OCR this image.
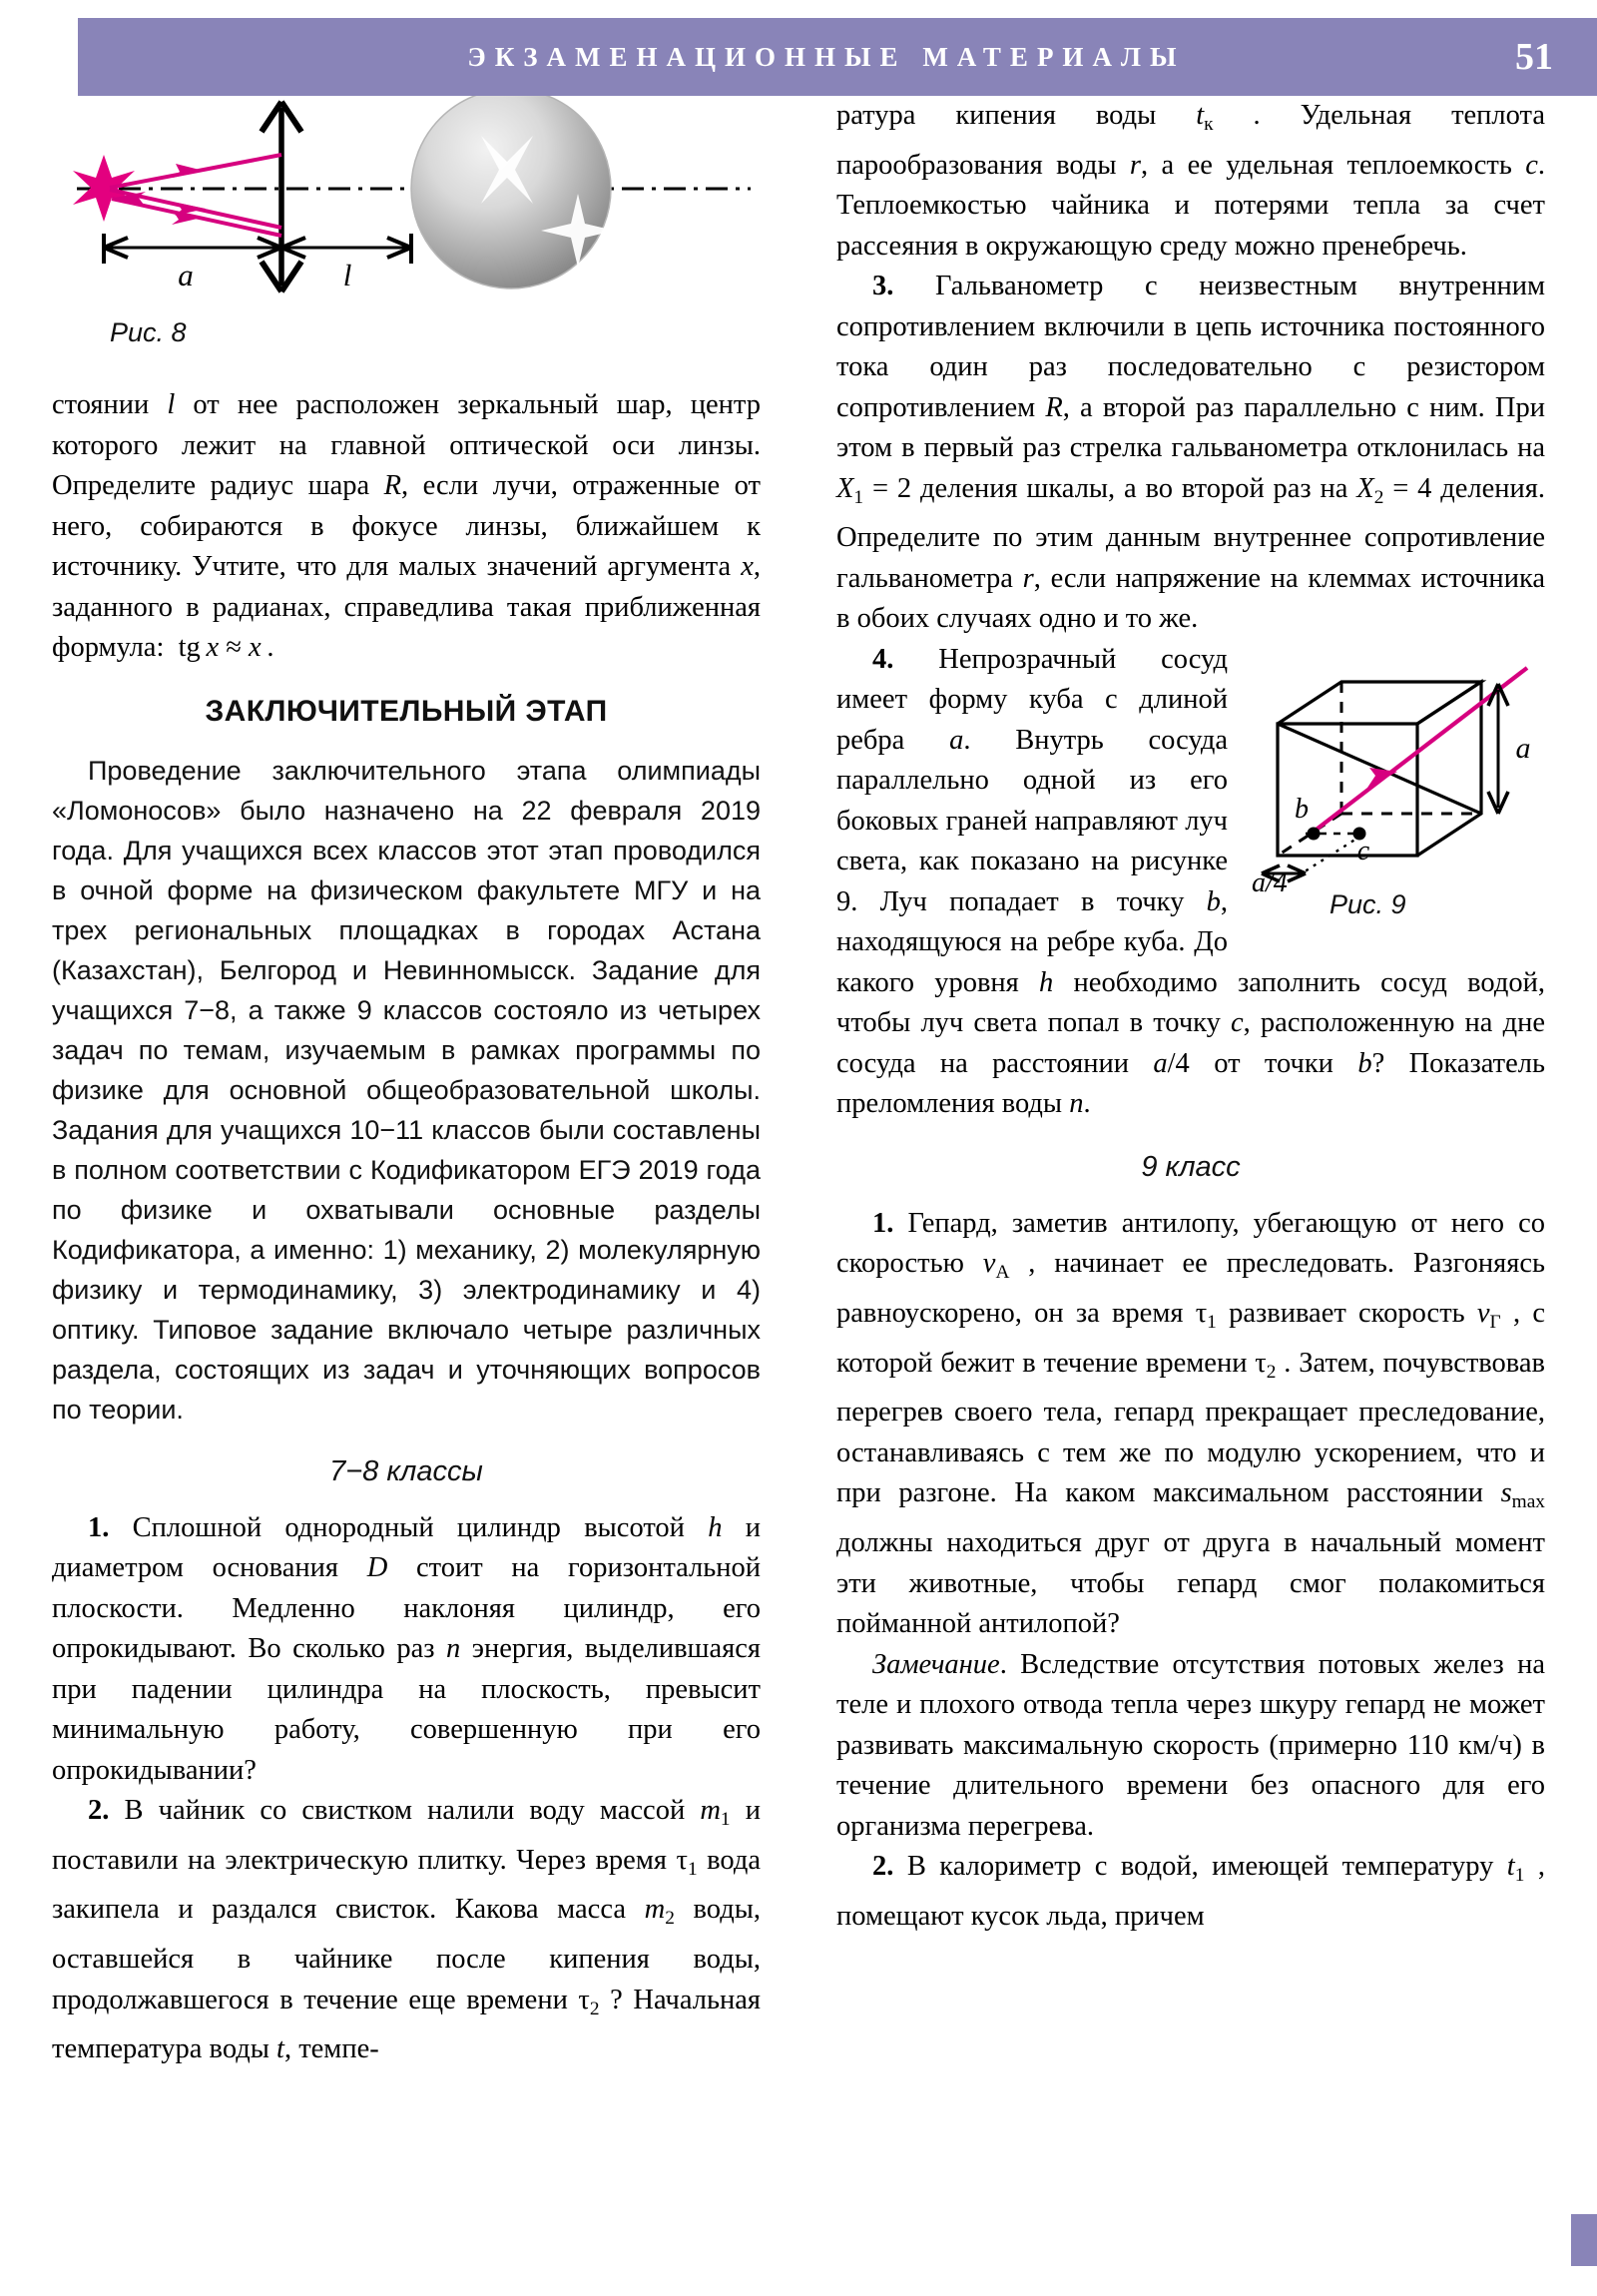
ЭКЗАМЕНАЦИОННЫЕ МАТЕРИАЛЫ	51
a	l
Рис. 8

стоянии l от нее расположен зеркальный шар, центр которого лежит на главной оптической оси линзы. Определите радиус шара R, если лучи, отраженные от него, собираются в фокусе линзы, ближайшем к источнику. Учтите, что для малых значений аргумента x, заданного в радианах, справедлива такая приближенная формула:  tg x ≈ x .

ЗАКЛЮЧИТЕЛЬНЫЙ ЭТАП

Проведение заключительного этапа олимпиады «Ломоносов» было назначено на 22 февраля 2019 года. Для учащихся всех классов этот этап проводился в очной форме на физическом факультете МГУ и на трех региональных площадках в городах Астана (Казахстан), Белгород и Невинномысск. Задание для учащихся 7−8, а также 9 классов состояло из четырех задач по темам, изучаемым в рамках программы по физике для основной общеобразовательной школы. Задания для учащихся 10−11 классов были составлены в полном соответствии с Кодификатором ЕГЭ 2019 года по физике и охватывали основные разделы Кодификатора, а именно: 1) механику, 2) молекулярную физику и термодинамику, 3) электродинамику и 4) оптику. Типовое задание включало четыре различных раздела, состоящих из задач и уточняющих вопросов по теории.

7−8 классы

1. Сплошной однородный цилиндр высотой h и диаметром основания D стоит на горизонтальной плоскости. Медленно наклоняя цилиндр, его опрокидывают. Во сколько раз n энергия, выделившаяся при падении цилиндра на плоскость, превысит минимальную работу, совершенную при его опрокидывании?

2. В чайник со свистком налили воду массой $m_1$ и поставили на электрическую плитку. Через время $\tau_1$ вода закипела и раздался свисток. Какова масса $m_2$ воды, оставшейся в чайнике после кипения воды, продолжавшегося в течение еще времени $\tau_2$ ? Начальная температура воды t, темпе-

ратура кипения воды $t_к$ . Удельная теплота парообразования воды r, а ее удельная теплоемкость c. Теплоемкостью чайника и потерями тепла за счет рассеяния в окружающую среду можно пренебречь.

3. Гальванометр с неизвестным внутренним сопротивлением включили в цепь источника постоянного тока один раз последовательно с резистором сопротивлением R, а второй раз параллельно с ним. При этом в первый раз стрелка гальванометра отклонилась на $X_1 = 2$ деления шкалы, а во второй раз на $X_2 = 4$ деления. Определите по этим данным внутреннее сопротивление гальванометра r, если напряжение на клеммах источника в обоих случаях одно и то же.

b
c
a
a/4
Рис. 9

4. Непрозрачный сосуд имеет форму куба с длиной ребра a. Внутрь сосуда параллельно одной из его боковых граней направляют луч света, как показано на рисунке 9. Луч попадает в точку b, находящуюся на ребре куба. До какого уровня h необходимо заполнить сосуд водой, чтобы луч света попал в точку c, расположенную на дне сосуда на расстоянии a/4 от точки b? Показатель преломления воды n.

9 класс

1. Гепард, заметив антилопу, убегающую от него со скоростью $v_А$ , начинает ее преследовать. Разгоняясь равноускорено, он за время $\tau_1$ развивает скорость $v_Г$ , с которой бежит в течение времени $\tau_2$ . Затем, почувствовав перегрев своего тела, гепард прекращает преследование, останавливаясь с тем же по модулю ускорением, что и при разгоне. На каком максимальном расстоянии $s_{max}$ должны находиться друг от друга в начальный момент эти животные, чтобы гепард смог полакомиться пойманной антилопой?

Замечание. Вследствие отсутствия потовых желез на теле и плохого отвода тепла через шкуру гепард не может развивать максимальную скорость (примерно 110 км/ч) в течение длительного времени без опасного для его организма перегрева.

2. В калориметр с водой, имеющей температуру $t_1$ , помещают кусок льда, причем
